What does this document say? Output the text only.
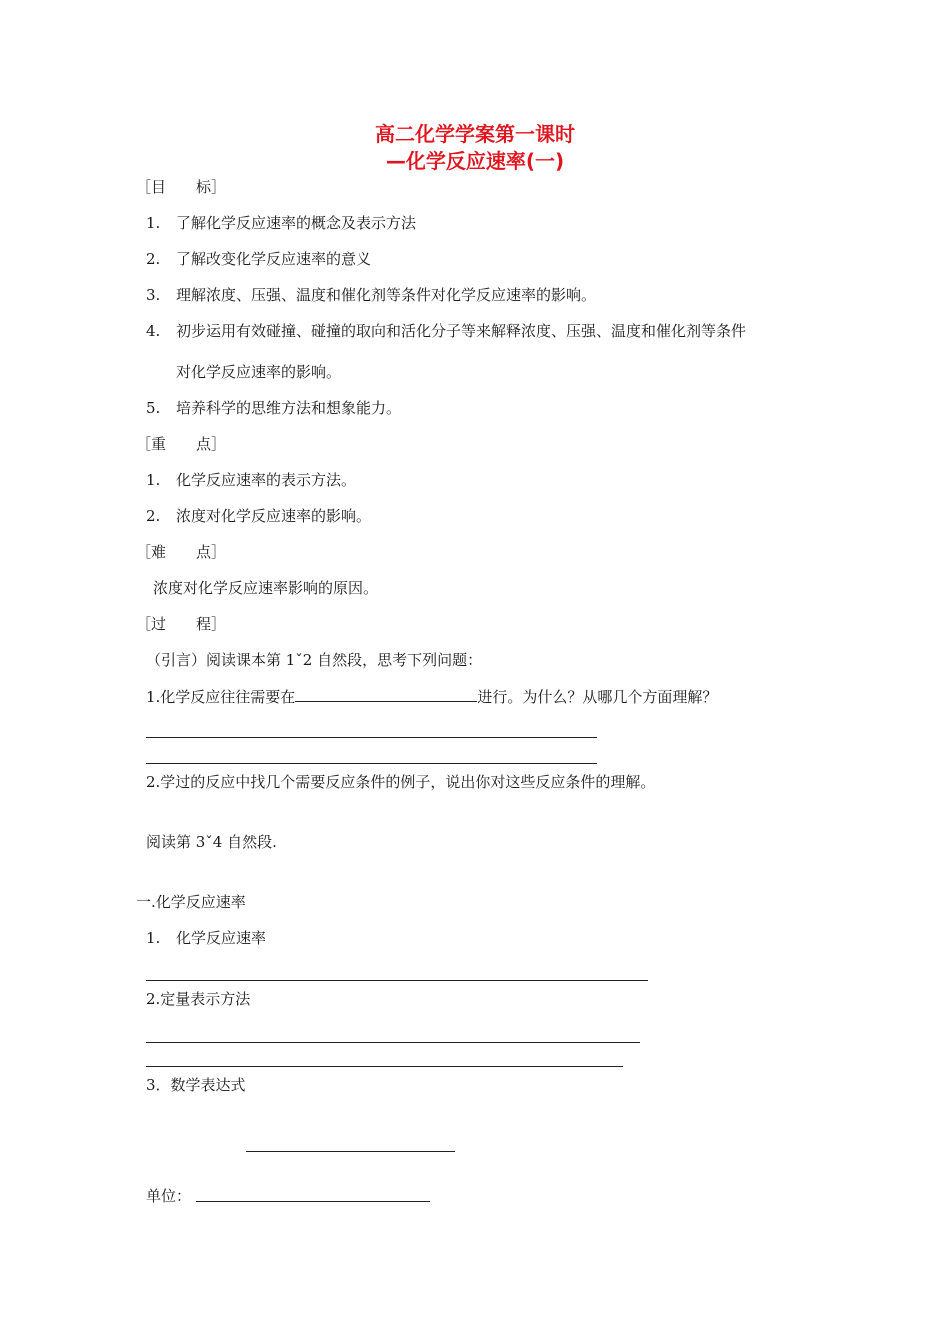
高二化学学案第一课时
—化学反应速率(一)
［目　　标］
1. 了解化学反应速率的概念及表示方法
2. 了解改变化学反应速率的意义
3. 理解浓度、压强、温度和催化剂等条件对化学反应速率的影响。
4. 初步运用有效碰撞、碰撞的取向和活化分子等来解释浓度、压强、温度和催化剂等条件
对化学反应速率的影响。
5. 培养科学的思维方法和想象能力。
［重　　点］
1. 化学反应速率的表示方法。
2. 浓度对化学反应速率的影响。
［难　　点］
浓度对化学反应速率影响的原因。
［过　　程］
（引言）阅读课本第 1ˇ2 自然段，思考下列问题：
1.化学反应往往需要在	进行。为什么？从哪几个方面理解？
2.学过的反应中找几个需要反应条件的例子，说出你对这些反应条件的理解。
阅读第 3ˇ4 自然段.
一.化学反应速率
1. 化学反应速率
2.定量表示方法
3．数学表达式
单位：
